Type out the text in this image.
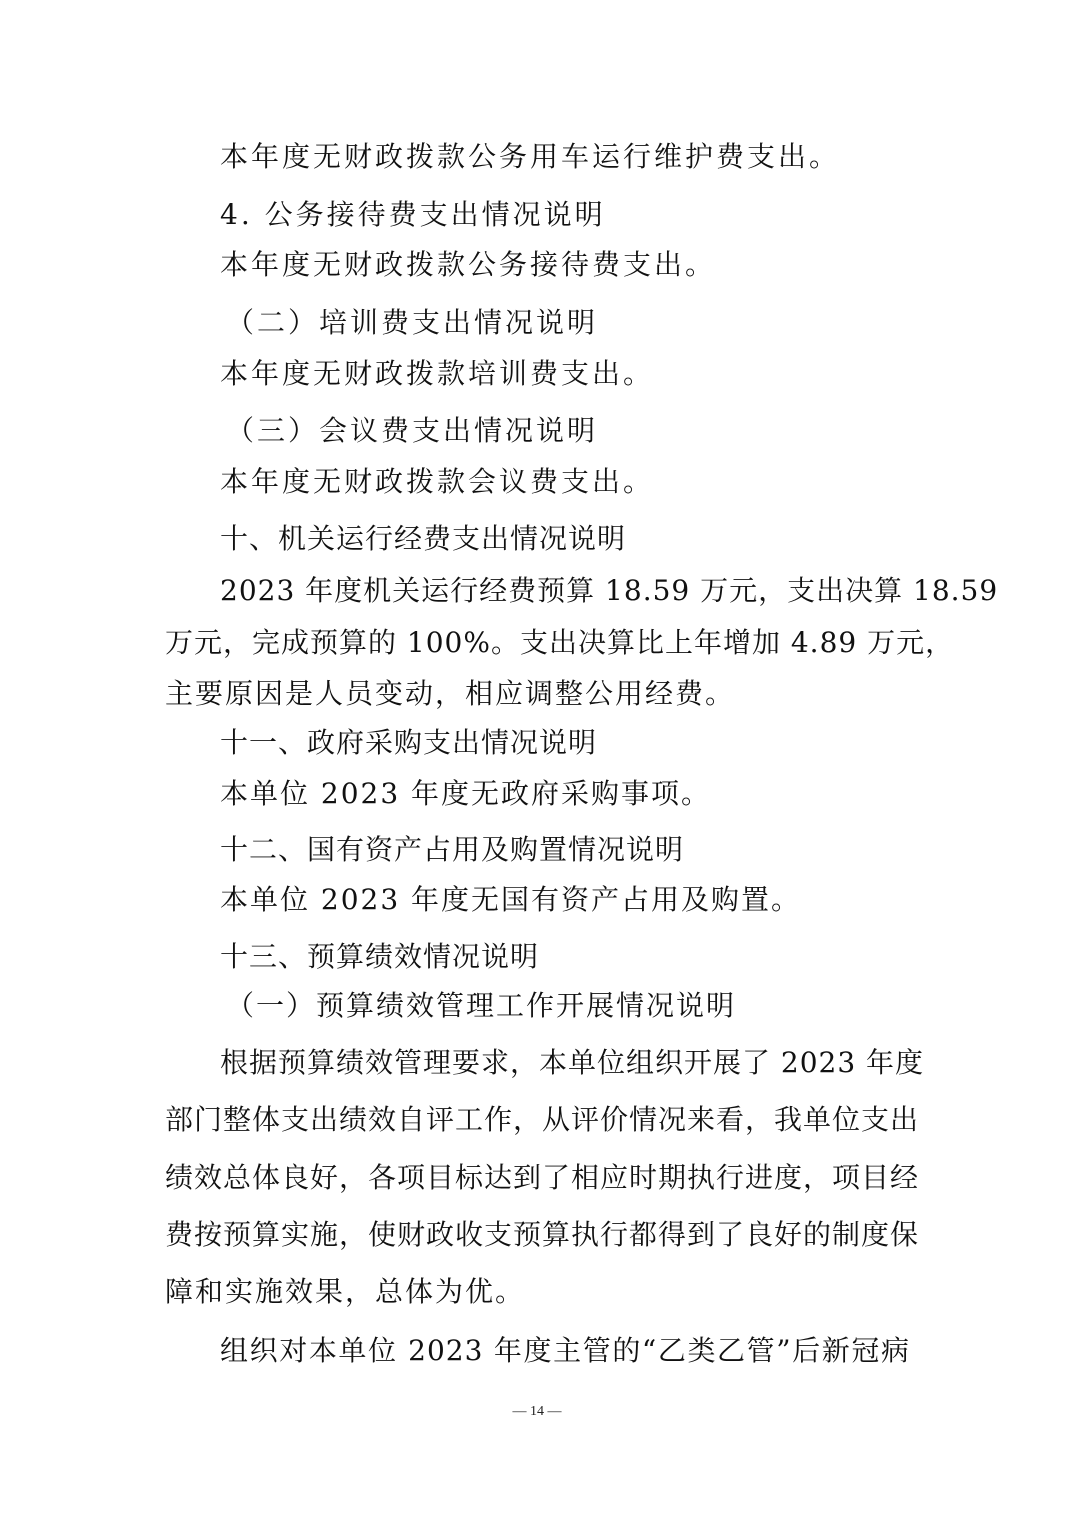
本年度无财政拨款公务用车运行维护费支出。
4. 公务接待费支出情况说明
本年度无财政拨款公务接待费支出。
（二）培训费支出情况说明
本年度无财政拨款培训费支出。
（三）会议费支出情况说明
本年度无财政拨款会议费支出。
十、机关运行经费支出情况说明
2023 年度机关运行经费预算 18.59 万元，支出决算 18.59
万元，完成预算的 100%。支出决算比上年增加 4.89 万元，
主要原因是人员变动，相应调整公用经费。
十一、政府采购支出情况说明
本单位 2023 年度无政府采购事项。
十二、国有资产占用及购置情况说明
本单位 2023 年度无国有资产占用及购置。
十三、预算绩效情况说明
（一）预算绩效管理工作开展情况说明
根据预算绩效管理要求，本单位组织开展了 2023 年度
部门整体支出绩效自评工作，从评价情况来看，我单位支出
绩效总体良好，各项目标达到了相应时期执行进度，项目经
费按预算实施，使财政收支预算执行都得到了良好的制度保
障和实施效果，总体为优。
组织对本单位 2023 年度主管的“乙类乙管”后新冠病
— 14 —
